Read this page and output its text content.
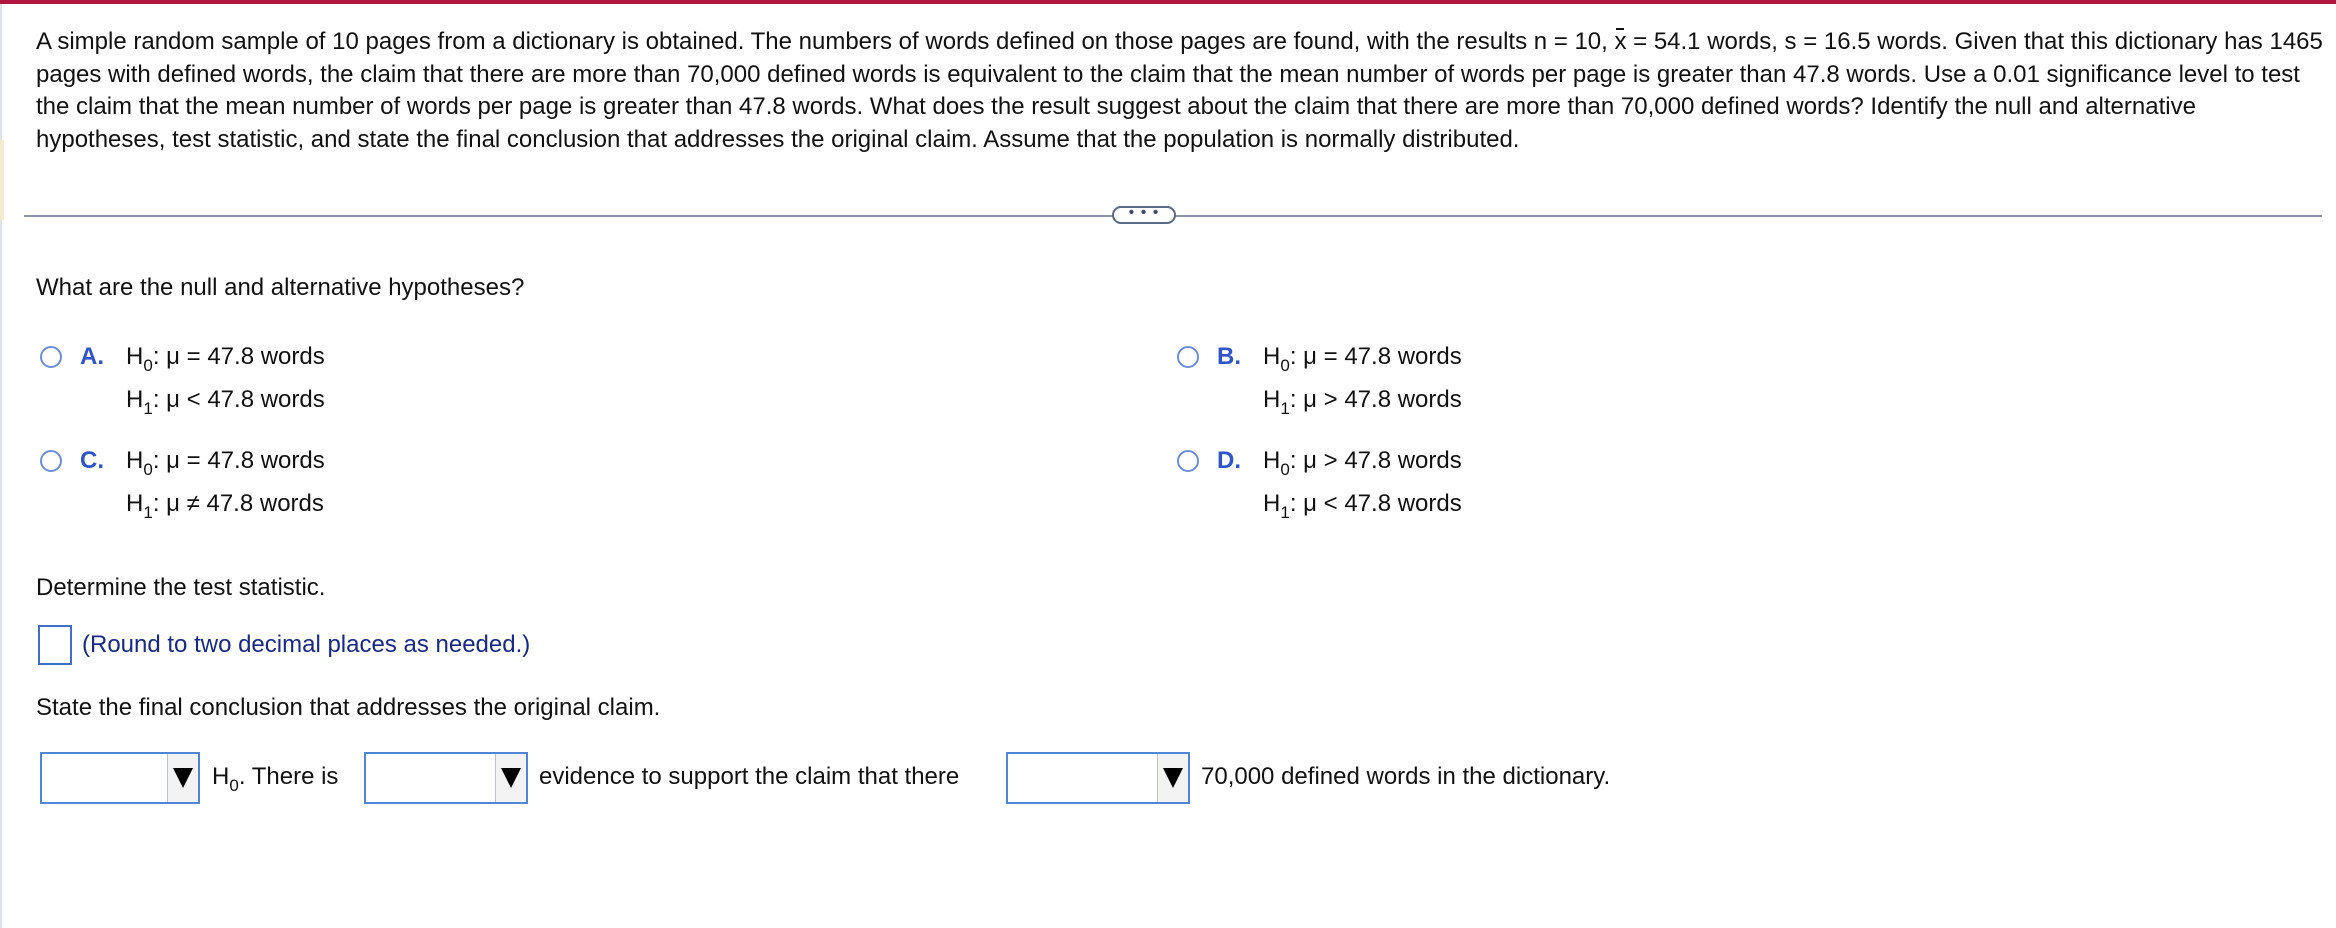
A simple random sample of 10 pages from a dictionary is obtained. The numbers of words defined on those pages are found, with the results n = 10, x = 54.1 words, s = 16.5 words. Given that this dictionary has 1465 pages with defined words, the claim that there are more than 70,000 defined words is equivalent to the claim that the mean number of words per page is greater than 47.8 words. Use a 0.01 significance level to test the claim that the mean number of words per page is greater than 47.8 words. What does the result suggest about the claim that there are more than 70,000 defined words? Identify the null and alternative hypotheses, test statistic, and state the final conclusion that addresses the original claim. Assume that the population is normally distributed.

• • •
What are the null and alternative hypotheses?
A. $H_0$: μ = 47.8 words
$H_1$: μ < 47.8 words
B. $H_0$: μ = 47.8 words
$H_1$: μ > 47.8 words
C. $H_0$: μ = 47.8 words
$H_1$: μ ≠ 47.8 words
D. $H_0$: μ > 47.8 words
$H_1$: μ < 47.8 words
Determine the test statistic.
(Round to two decimal places as needed.)
State the final conclusion that addresses the original claim.
$H_0$. There is	evidence to support the claim that there	70,000 defined words in the dictionary.
